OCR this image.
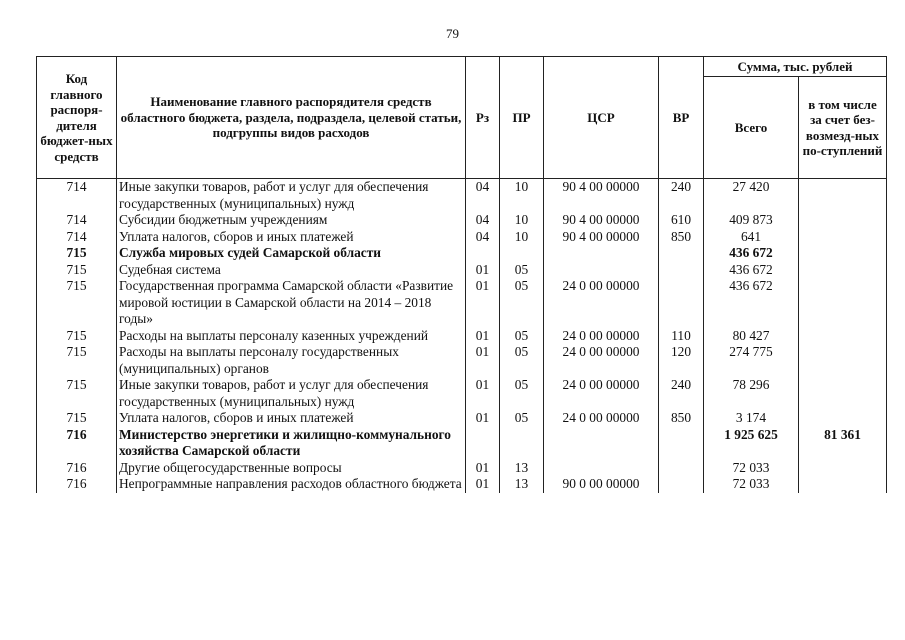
79
Код главного распоря-дителя бюджет-ных средств	Наименование главного распорядителя средств областного бюджета, раздела, подраздела, целевой статьи, подгруппы видов расходов	Рз	ПР	ЦСР	ВР	Сумма, тыс. рублей	
						Всего	в том числе за счет без-возмезд-ных по-ступлений
714	Иные закупки товаров, работ и услуг для обеспечения государственных (муниципальных) нужд	04	10	90 4 00 00000	240	27 420	
714	Субсидии бюджетным учреждениям	04	10	90 4 00 00000	610	409 873	
714	Уплата налогов, сборов и иных платежей	04	10	90 4 00 00000	850	641	
715	Служба мировых судей Самарской области					436 672	
715	Судебная система	01	05			436 672	
715	Государственная программа Самарской области «Развитие мировой юстиции в Самарской области на 2014 – 2018 годы»	01	05	24 0 00 00000		436 672	
715	Расходы на выплаты персоналу казенных учреждений	01	05	24 0 00 00000	110	80 427	
715	Расходы на выплаты персоналу государственных (муниципальных) органов	01	05	24 0 00 00000	120	274 775	
715	Иные закупки товаров, работ и услуг для обеспечения государственных (муниципальных) нужд	01	05	24 0 00 00000	240	78 296	
715	Уплата налогов, сборов и иных платежей	01	05	24 0 00 00000	850	3 174	
716	Министерство энергетики и жилищно-коммунального хозяйства Самарской области					1 925 625	81 361
716	Другие общегосударственные вопросы	01	13			72 033	
716	Непрограммные направления расходов областного бюджета	01	13	90 0 00 00000		72 033	
